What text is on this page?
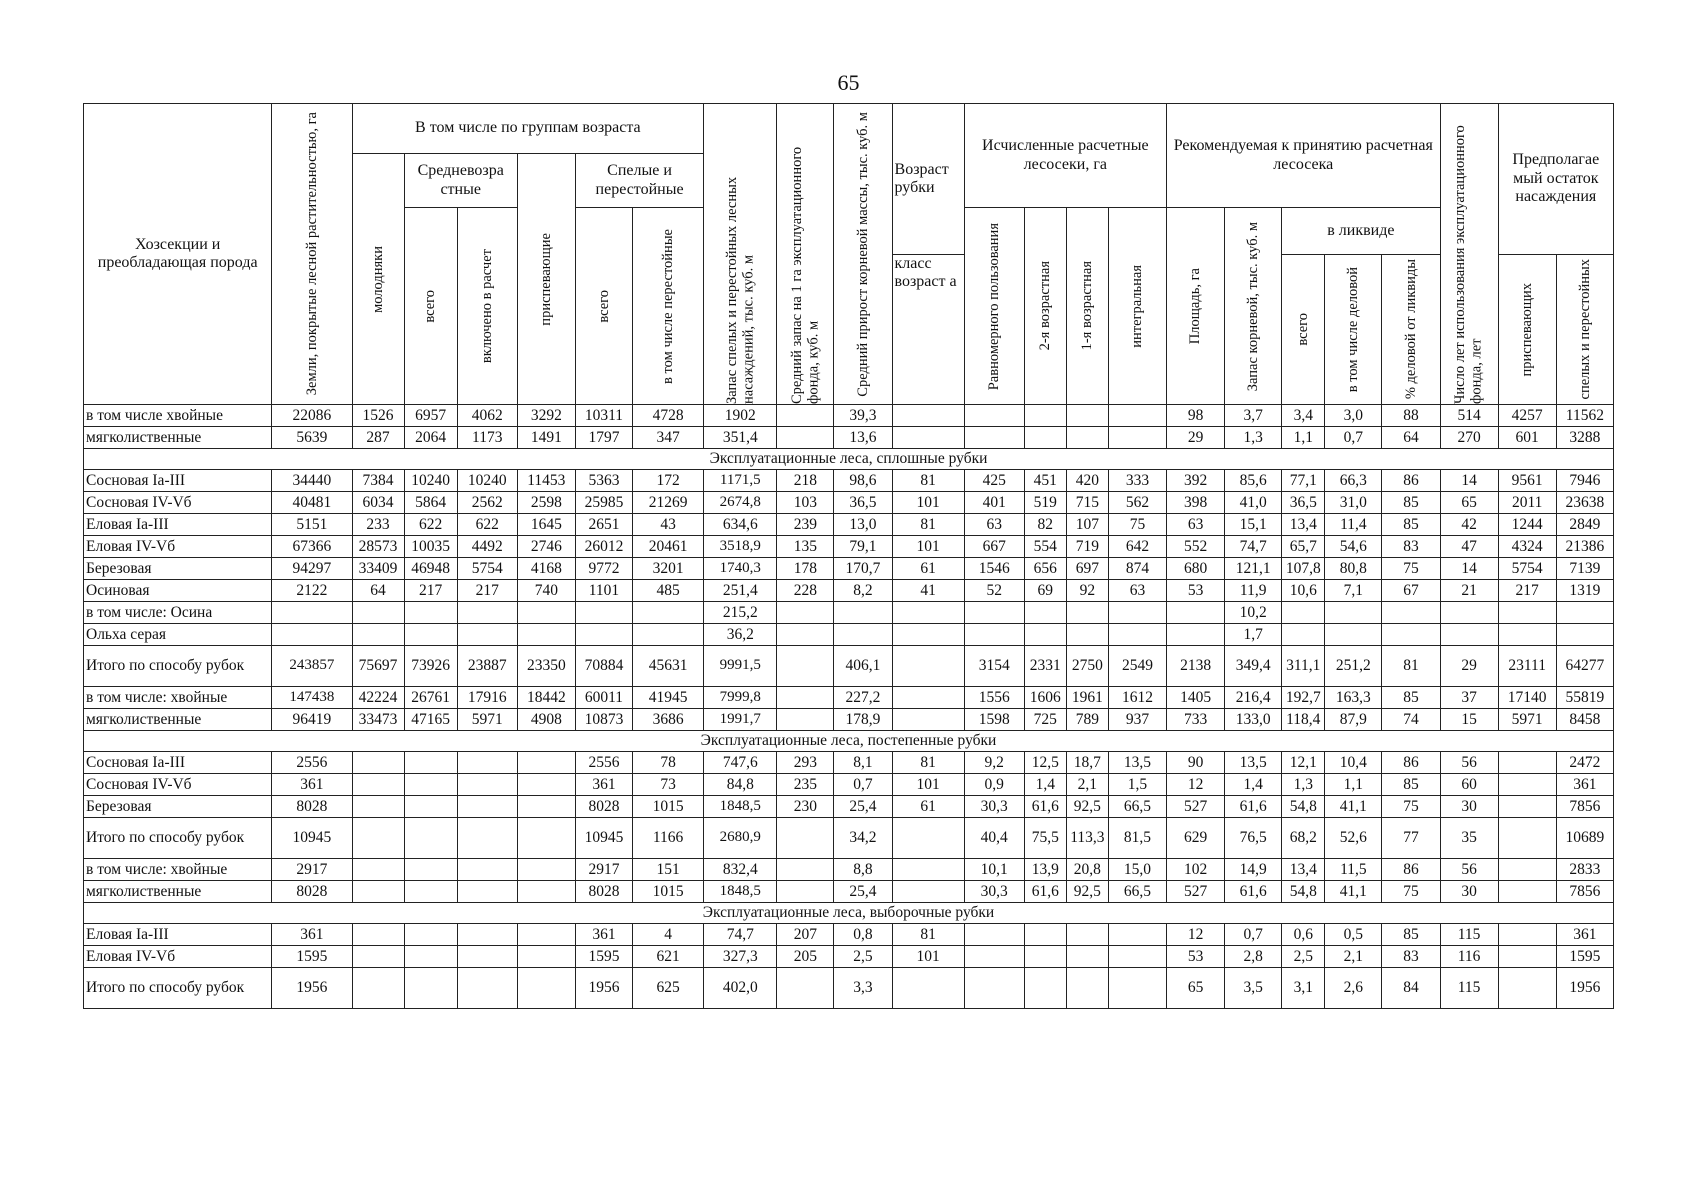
65
Хозсекции и преобладающая порода	Земли, покрытые лесной растительностью, га	В том числе по группам возраста						Запас спелых и перестойных лесных насаждений, тыс. куб. м	Средний запас на 1 га эксплуатационного фонда, куб. м	Средний прирост корневой массы, тыс. куб. м	Возраст рубки	Исчисленные расчетные лесосеки, га				Рекомендуемая к принятию расчетная лесосека					Число лет использования эксплуатационного фонда, лет	Предполагае мый остаток насаждения	

		молодняки	Средневозра стные		приспевающие	Спелые и перестойные																	

			всего	включено в расчет		всего	в том числе перестойные					Равномерного пользования	2-я возрастная	1-я возрастная	интегральная	Площадь, га	Запас корневой, тыс. куб. м	в ликвиде					
											класс возраст а							всего	в том числе деловой	% деловой от ликвиды		приспевающих	спелых и перестойных

в том числе хвойные	22086	1526	6957	4062	3292	10311	4728	1902		39,3						98	3,7	3,4	3,0	88	514	4257	11562
мягколиственные	5639	287	2064	1173	1491	1797	347	351,4		13,6						29	1,3	1,1	0,7	64	270	601	3288
Эксплуатационные леса, сплошные рубки																							
Сосновая Ia-III	34440	7384	10240	10240	11453	5363	172	1171,5	218	98,6	81	425	451	420	333	392	85,6	77,1	66,3	86	14	9561	7946
Сосновая IV-Vб	40481	6034	5864	2562	2598	25985	21269	2674,8	103	36,5	101	401	519	715	562	398	41,0	36,5	31,0	85	65	2011	23638
Еловая Ia-III	5151	233	622	622	1645	2651	43	634,6	239	13,0	81	63	82	107	75	63	15,1	13,4	11,4	85	42	1244	2849
Еловая IV-Vб	67366	28573	10035	4492	2746	26012	20461	3518,9	135	79,1	101	667	554	719	642	552	74,7	65,7	54,6	83	47	4324	21386
Березовая	94297	33409	46948	5754	4168	9772	3201	1740,3	178	170,7	61	1546	656	697	874	680	121,1	107,8	80,8	75	14	5754	7139
Осиновая	2122	64	217	217	740	1101	485	251,4	228	8,2	41	52	69	92	63	53	11,9	10,6	7,1	67	21	217	1319
в том числе: Осина								215,2									10,2						
Ольха серая								36,2									1,7						
Итого по способу рубок	243857	75697	73926	23887	23350	70884	45631	9991,5		406,1		3154	2331	2750	2549	2138	349,4	311,1	251,2	81	29	23111	64277
в том числе: хвойные	147438	42224	26761	17916	18442	60011	41945	7999,8		227,2		1556	1606	1961	1612	1405	216,4	192,7	163,3	85	37	17140	55819
мягколиственные	96419	33473	47165	5971	4908	10873	3686	1991,7		178,9		1598	725	789	937	733	133,0	118,4	87,9	74	15	5971	8458
Эксплуатационные леса, постепенные рубки																							
Сосновая Ia-III	2556					2556	78	747,6	293	8,1	81	9,2	12,5	18,7	13,5	90	13,5	12,1	10,4	86	56		2472
Сосновая IV-Vб	361					361	73	84,8	235	0,7	101	0,9	1,4	2,1	1,5	12	1,4	1,3	1,1	85	60		361
Березовая	8028					8028	1015	1848,5	230	25,4	61	30,3	61,6	92,5	66,5	527	61,6	54,8	41,1	75	30		7856
Итого по способу рубок	10945					10945	1166	2680,9		34,2		40,4	75,5	113,3	81,5	629	76,5	68,2	52,6	77	35		10689
в том числе: хвойные	2917					2917	151	832,4		8,8		10,1	13,9	20,8	15,0	102	14,9	13,4	11,5	86	56		2833
мягколиственные	8028					8028	1015	1848,5		25,4		30,3	61,6	92,5	66,5	527	61,6	54,8	41,1	75	30		7856
Эксплуатационные леса, выборочные рубки																							
Еловая Ia-III	361					361	4	74,7	207	0,8	81					12	0,7	0,6	0,5	85	115		361
Еловая IV-Vб	1595					1595	621	327,3	205	2,5	101					53	2,8	2,5	2,1	83	116		1595
Итого по способу рубок	1956					1956	625	402,0		3,3						65	3,5	3,1	2,6	84	115		1956
